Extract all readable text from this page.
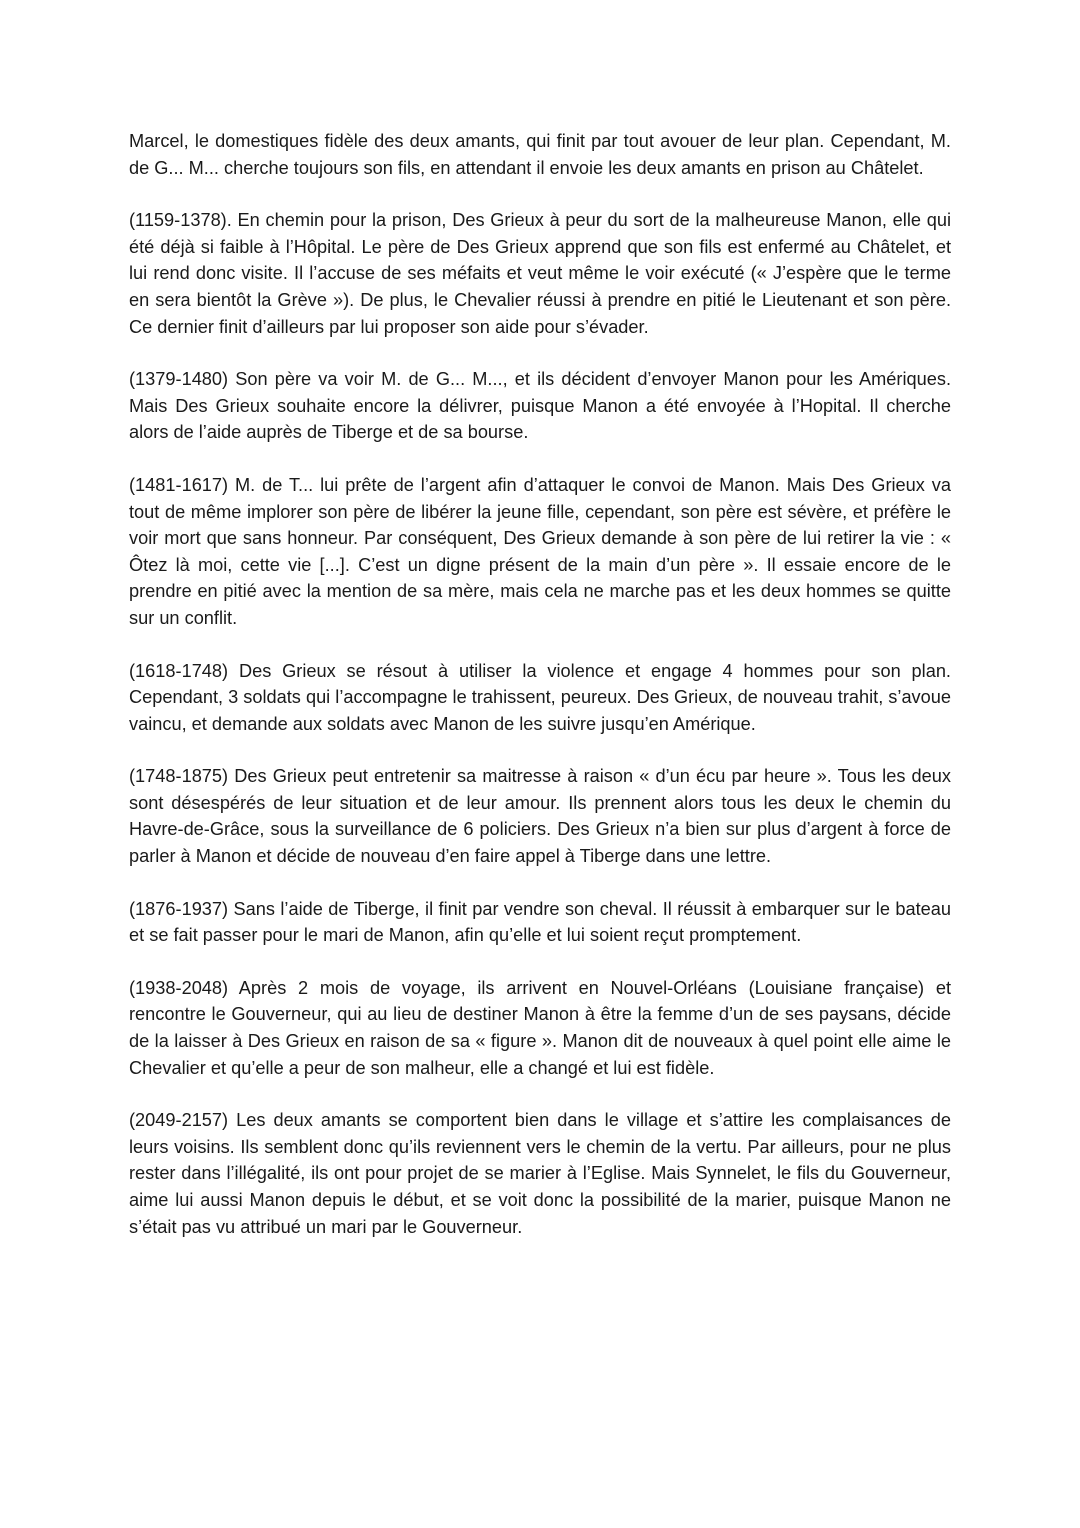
Marcel, le domestiques fidèle des deux amants, qui finit par tout avouer de leur plan. Cependant, M. de G... M... cherche toujours son fils, en attendant il envoie les deux amants en prison au Châtelet.

(1159-1378). En chemin pour la prison, Des Grieux à peur du sort de la malheureuse Manon, elle qui été déjà si faible à l’Hôpital. Le père de Des Grieux apprend que son fils est enfermé au Châtelet, et lui rend donc visite. Il l’accuse de ses méfaits et veut même le voir exécuté (« J’espère que le terme en sera bientôt la Grève »). De plus, le Chevalier réussi à prendre en pitié le Lieutenant et son père. Ce dernier finit d’ailleurs par lui proposer son aide pour s’évader.

(1379-1480) Son père va voir M. de G... M..., et ils décident d’envoyer Manon pour les Amériques. Mais Des Grieux souhaite encore la délivrer, puisque Manon a été envoyée à l’Hopital. Il cherche alors de l’aide auprès de Tiberge et de sa bourse.

(1481-1617) M. de T... lui prête de l’argent afin d’attaquer le convoi de Manon. Mais Des Grieux va tout de même implorer son père de libérer la jeune fille, cependant, son père est sévère, et préfère le voir mort que sans honneur. Par conséquent, Des Grieux demande à son père de lui retirer la vie : « Ôtez là moi, cette vie [...]. C’est un digne présent de la main d’un père ». Il essaie encore de le prendre en pitié avec la mention de sa mère, mais cela ne marche pas et les deux hommes se quitte sur un conflit.

(1618-1748) Des Grieux se résout à utiliser la violence et engage 4 hommes pour son plan. Cependant, 3 soldats qui l’accompagne le trahissent, peureux. Des Grieux, de nouveau trahit, s’avoue vaincu, et demande aux soldats avec Manon de les suivre jusqu’en Amérique.

(1748-1875) Des Grieux peut entretenir sa maitresse à raison « d’un écu par heure ». Tous les deux sont désespérés de leur situation et de leur amour. Ils prennent alors tous les deux le chemin du Havre-de-Grâce, sous la surveillance de 6 policiers. Des Grieux n’a bien sur plus d’argent à force de parler à Manon et décide de nouveau d’en faire appel à Tiberge dans une lettre.

(1876-1937) Sans l’aide de Tiberge, il finit par vendre son cheval. Il réussit à embarquer sur le bateau et se fait passer pour le mari de Manon, afin qu’elle et lui soient reçut promptement.

(1938-2048) Après 2 mois de voyage, ils arrivent en Nouvel-Orléans (Louisiane française) et rencontre le Gouverneur, qui au lieu de destiner Manon à être la femme d’un de ses paysans, décide de la laisser à Des Grieux en raison de sa « figure ». Manon dit de nouveaux à quel point elle aime le Chevalier et qu’elle a peur de son malheur, elle a changé et lui est fidèle.

(2049-2157) Les deux amants se comportent bien dans le village et s’attire les complaisances de leurs voisins. Ils semblent donc qu’ils reviennent vers le chemin de la vertu. Par ailleurs, pour ne plus rester dans l’illégalité, ils ont pour projet de se marier à l’Eglise. Mais Synnelet, le fils du Gouverneur, aime lui aussi Manon depuis le début, et se voit donc la possibilité de la marier, puisque Manon ne s’était pas vu attribué un mari par le Gouverneur.
